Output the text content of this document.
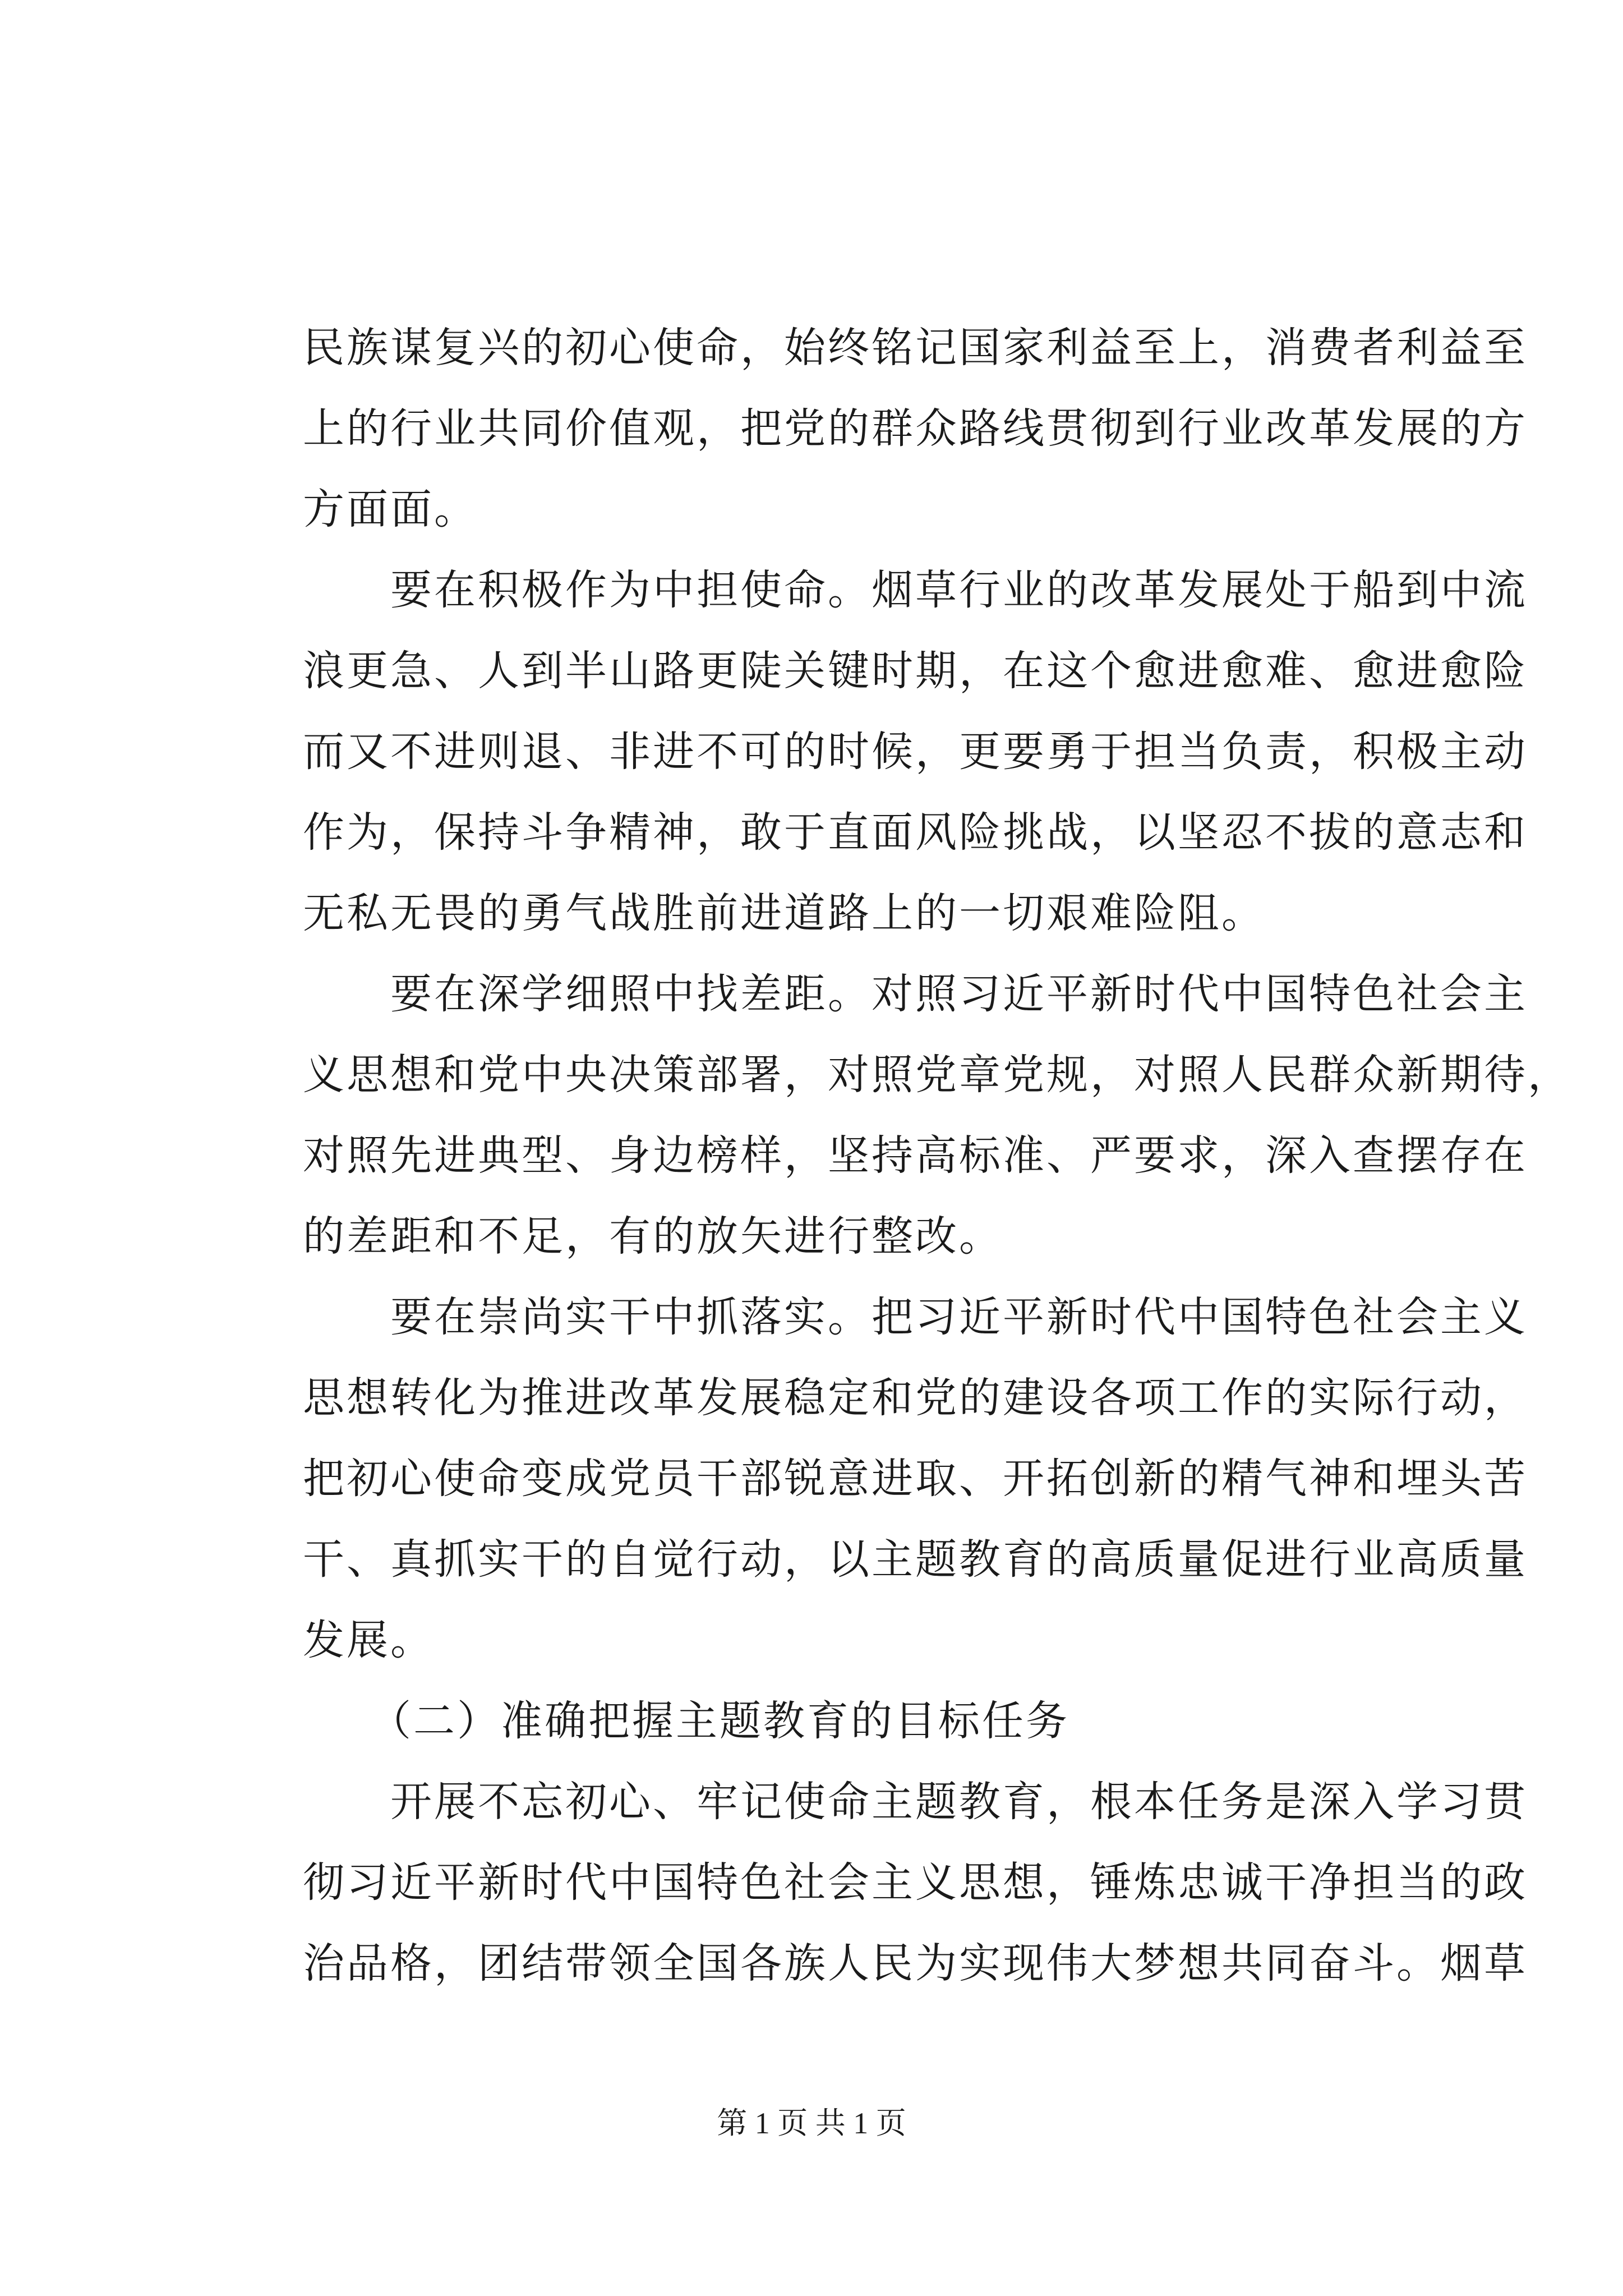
民族谋复兴的初心使命，始终铭记国家利益至上，消费者利益至
上的行业共同价值观，把党的群众路线贯彻到行业改革发展的方
方面面。
　　要在积极作为中担使命。烟草行业的改革发展处于船到中流
浪更急、人到半山路更陡关键时期，在这个愈进愈难、愈进愈险
而又不进则退、非进不可的时候，更要勇于担当负责，积极主动
作为，保持斗争精神，敢于直面风险挑战，以坚忍不拔的意志和
无私无畏的勇气战胜前进道路上的一切艰难险阻。
　　要在深学细照中找差距。对照习近平新时代中国特色社会主
义思想和党中央决策部署，对照党章党规，对照人民群众新期待，
对照先进典型、身边榜样，坚持高标准、严要求，深入查摆存在
的差距和不足，有的放矢进行整改。
　　要在崇尚实干中抓落实。把习近平新时代中国特色社会主义
思想转化为推进改革发展稳定和党的建设各项工作的实际行动，
把初心使命变成党员干部锐意进取、开拓创新的精气神和埋头苦
干、真抓实干的自觉行动，以主题教育的高质量促进行业高质量
发展。
　　（二）准确把握主题教育的目标任务
　　开展不忘初心、牢记使命主题教育，根本任务是深入学习贯
彻习近平新时代中国特色社会主义思想，锤炼忠诚干净担当的政
治品格，团结带领全国各族人民为实现伟大梦想共同奋斗。烟草
第 1 页 共 1 页
